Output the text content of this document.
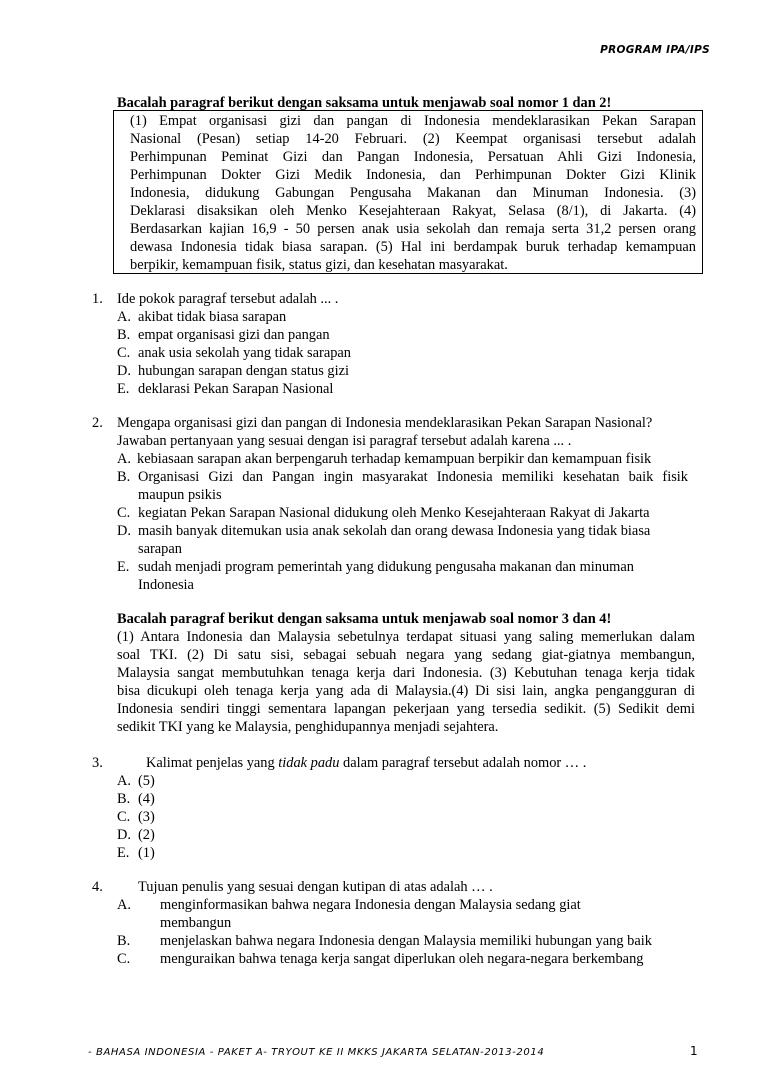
PROGRAM IPA/IPS
Bacalah paragraf berikut dengan saksama untuk menjawab soal nomor 1 dan 2!
(1) Empat organisasi gizi dan pangan di Indonesia mendeklarasikan Pekan Sarapan
Nasional (Pesan) setiap 14-20 Februari. (2) Keempat organisasi tersebut adalah
Perhimpunan Peminat Gizi dan Pangan Indonesia, Persatuan Ahli Gizi Indonesia,
Perhimpunan Dokter Gizi Medik Indonesia, dan Perhimpunan Dokter Gizi Klinik
Indonesia, didukung Gabungan Pengusaha Makanan dan Minuman Indonesia. (3)
Deklarasi disaksikan oleh Menko Kesejahteraan Rakyat, Selasa (8/1), di Jakarta. (4)
Berdasarkan kajian 16,9 - 50 persen anak usia sekolah dan remaja serta 31,2 persen orang
dewasa Indonesia tidak biasa sarapan. (5) Hal ini berdampak buruk terhadap kemampuan
berpikir, kemampuan fisik, status gizi, dan kesehatan masyarakat.
1. Ide pokok paragraf tersebut adalah ... .
A. akibat tidak biasa sarapan
B. empat organisasi gizi dan pangan
C. anak usia sekolah yang tidak sarapan
D. hubungan sarapan dengan status gizi
E. deklarasi Pekan Sarapan Nasional
2. Mengapa organisasi gizi dan pangan di Indonesia mendeklarasikan Pekan Sarapan Nasional?
Jawaban pertanyaan yang sesuai dengan isi paragraf tersebut adalah karena ... .
A. kebiasaan sarapan akan berpengaruh terhadap kemampuan berpikir dan kemampuan fisik
B. Organisasi Gizi dan Pangan ingin masyarakat Indonesia memiliki kesehatan baik fisik
maupun psikis
C. kegiatan Pekan Sarapan Nasional didukung oleh Menko Kesejahteraan Rakyat di Jakarta
D. masih banyak ditemukan usia anak sekolah dan orang dewasa Indonesia yang tidak biasa
sarapan
E. sudah menjadi program pemerintah yang didukung pengusaha makanan dan minuman
Indonesia
Bacalah paragraf berikut dengan saksama untuk menjawab soal nomor 3 dan 4!
(1) Antara Indonesia dan Malaysia sebetulnya terdapat situasi yang saling memerlukan dalam
soal TKI. (2) Di satu sisi, sebagai sebuah negara yang sedang giat-giatnya membangun,
Malaysia sangat membutuhkan tenaga kerja dari Indonesia. (3) Kebutuhan tenaga kerja tidak
bisa dicukupi oleh tenaga kerja yang ada di Malaysia.(4) Di sisi lain, angka pengangguran di
Indonesia sendiri tinggi sementara lapangan pekerjaan yang tersedia sedikit. (5) Sedikit demi
sedikit TKI yang ke Malaysia, penghidupannya menjadi sejahtera.
3.	Kalimat penjelas yang tidak padu dalam paragraf tersebut adalah nomor … .
A. (5)
B. (4)
C. (3)
D. (2)
E. (1)
4. Tujuan penulis yang sesuai dengan kutipan di atas adalah … .
A. menginformasikan bahwa negara Indonesia dengan Malaysia sedang giat
membangun
B. menjelaskan bahwa negara Indonesia dengan Malaysia memiliki hubungan yang baik
C. menguraikan bahwa tenaga kerja sangat diperlukan oleh negara-negara berkembang
- BAHASA INDONESIA - PAKET A- TRYOUT KE II MKKS JAKARTA SELATAN-2013-2014	1
